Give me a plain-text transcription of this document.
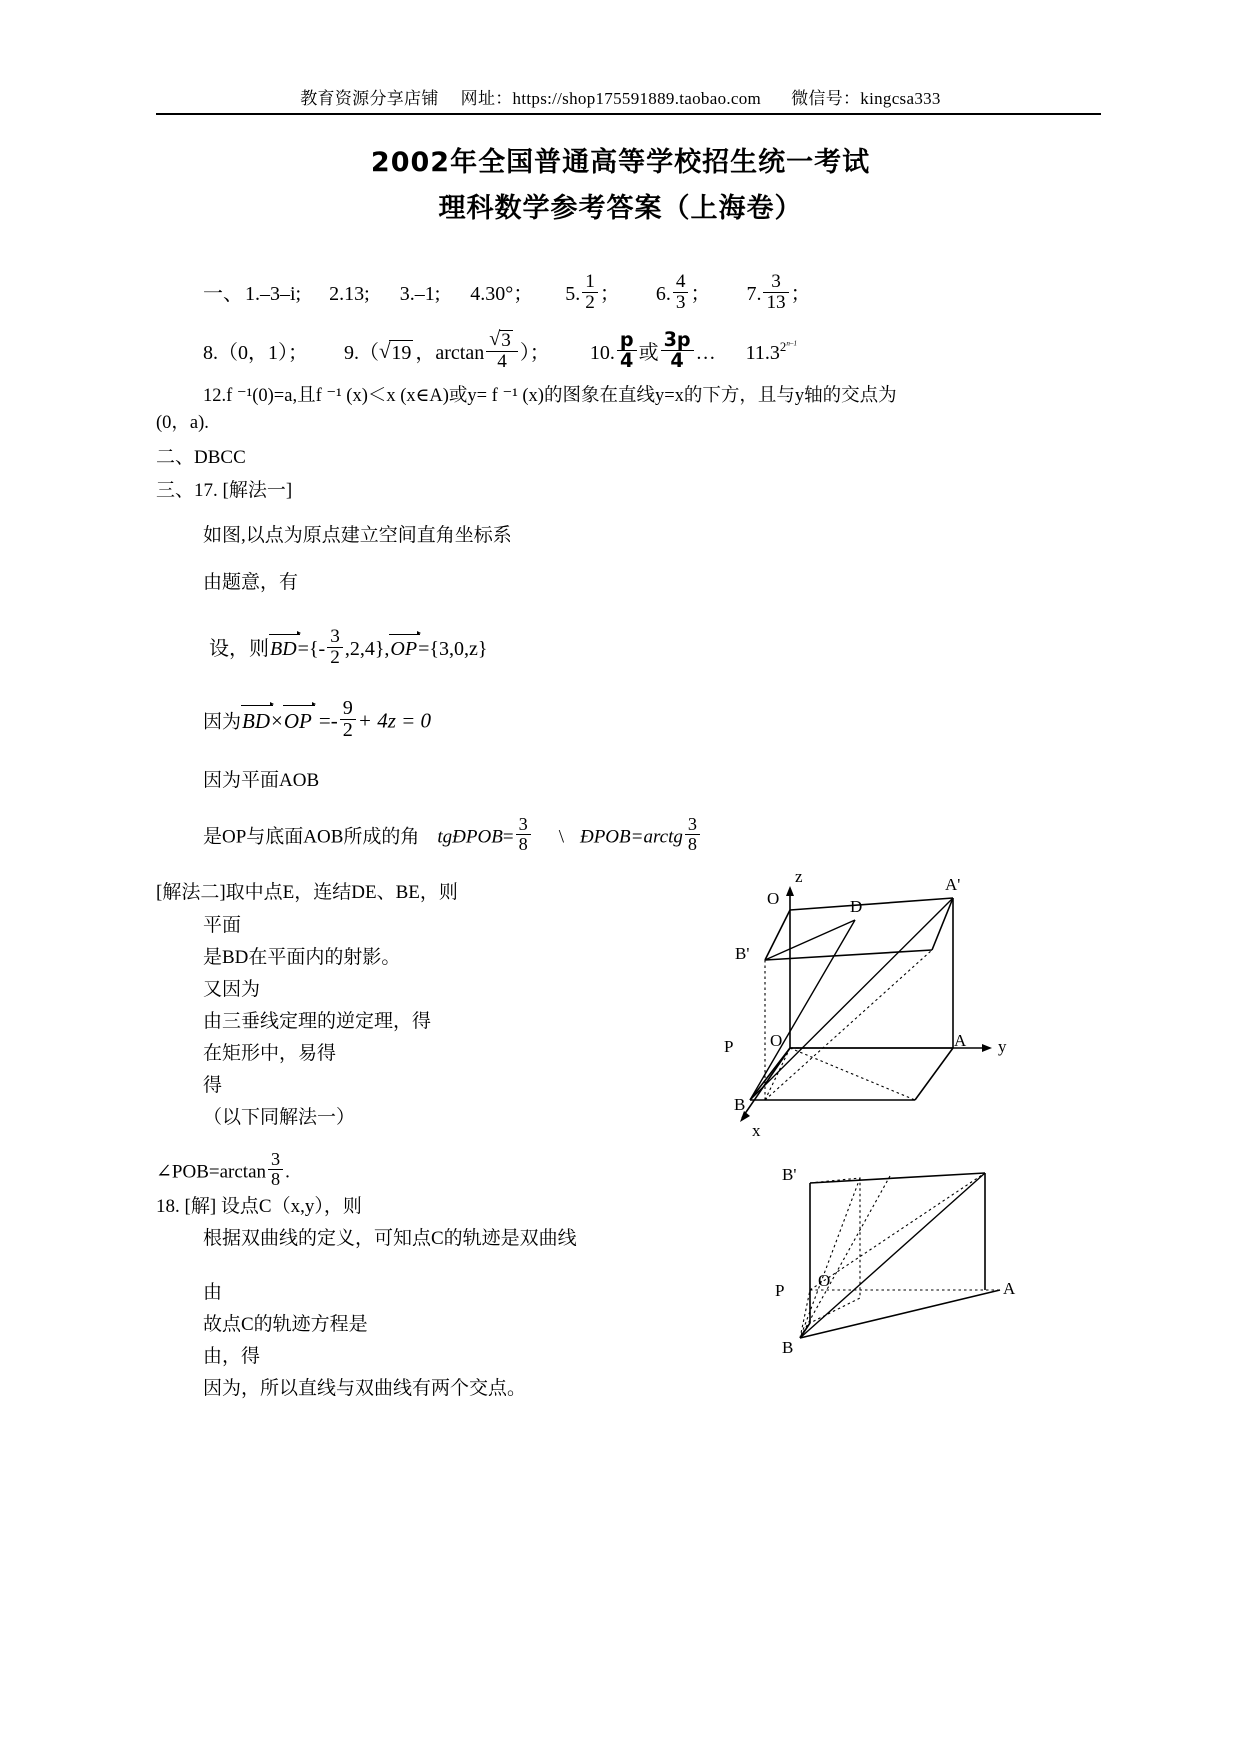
教育资源分享店铺 网址：https://shop175591889.taobao.com 微信号：kingcsa333
2002年全国普通高等学校招生统一考试
理科数学参考答案（上海卷）
一、 1.–3–i; 2.13; 3.–1; 4.30°； 5. $\frac{1}{2}$ ； 6. $\frac{4}{3}$ ； 7. $\frac{3}{13}$ ；
8.（0，1）； 9.（ √ 19 ，arctan √ $\frac{3}{4}$ ）； 10. $\frac{p}{4}$ 或 $\frac{3p}{4}$ … $11.3^{2^{n-1}}$
12.f ⁻¹(0)=a,且f ⁻¹ (x)＜x (x∈A)或y= f ⁻¹ (x)的图象在直线y=x的下方，且与y轴的交点为
(0，a).
二、DBCC
三、17. [解法一]
如图,以点为原点建立空间直角坐标系
由题意，有
设，则$BD=\{- \frac{3}{2} ,2,4\},OP=\{3,0,z\}$
因为$BD\times OP =- \frac{9}{2} + 4z = 0$
因为平面AOB
是OP与底面AOB所成的角 tgÐPOB= $\frac{3}{8}$ \ ÐPOB=arctg $\frac{3}{8}$
[解法二]取中点E，连结DE、BE，则
平面
是BD在平面内的射影。
又因为
由三垂线定理的逆定理，得
在矩形中，易得
得
（以下同解法一）
∠POB=arctan $\frac{3}{8}$ .
18. [解] 设点C（x,y），则
根据双曲线的定义，可知点C的轨迹是双曲线
由
故点C的轨迹方程是
由，得
因为，所以直线与双曲线有两个交点。
z
O
A'
D
B'
P O	A y
B
x
B'
P
O	A
B
